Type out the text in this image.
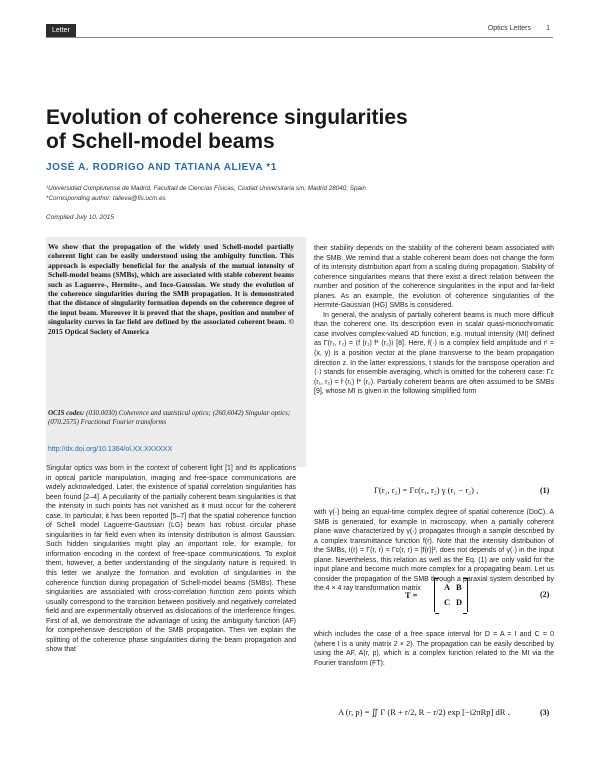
Letter	Optics Letters 1
Evolution of coherence singularities
of Schell-model beams
JOSÉ A. RODRIGO AND TATIANA ALIEVA *1
¹Universidad Complutense de Madrid, Facultad de Ciencias Físicas, Ciudad Universitaria s/n, Madrid 28040, Spain
*Corresponding author: talieva@fis.ucm.es
Compiled July 10, 2015
We show that the propagation of the widely used Schell-model partially coherent light can be easily understood using the ambiguity function. This approach is especially beneficial for the analysis of the mutual intensity of Schell-model beams (SMBs), which are associated with stable coherent beams such as Laguerre-, Hermite-, and Ince-Gaussian. We study the evolution of the coherence singularities during the SMB propagation. It is demonstrated that the distance of singularity formation depends on the coherence degree of the input beam. Moreover it is proved that the shape, position and number of singularity curves in far field are defined by the associated coherent beam. © 2015 Optical Society of America
OCIS codes: (030.0030) Coherence and statistical optics; (260.6042) Singular optics; (070.2575) Fractional Fourier transforms
http://dx.doi.org/10.1364/ol.XX.XXXXXX
Singular optics was born in the context of coherent light [1] and its applications in optical particle manipulation, imaging and free-space communications are widely acknowledged. Later, the existence of spatial correlation singularities has been found [2–4]. A peculiarity of the partially coherent beam singularities is that the intensity in such points has not vanished as it must occur for the coherent case. In particular, it has been reported [5–7] that the spatial coherence function of Schell model Laguerre-Gaussian (LG) beam has robust circular phase singularities in far field even when its intensity distribution is almost Gaussian. Such hidden singularities might play an important role, for example, for information encoding in the context of free-space communications. To exploit them, however, a better understanding of the singularity nature is required. In this letter we analyze the formation and evolution of singularities in the coherence function during propagation of Schell-model beams (SMBs). These singularities are associated with cross-correlation function zero points which usually correspond to the transition between positively and negatively correlated field and are experimentally observed as dislocations of the interference fringes. First of all, we demonstrate the advantage of using the ambiguity function (AF) for comprehensive description of the SMB propagation. Then we explain the splitting of the coherence phase singularities during the beam propagation and show that

their stability depends on the stability of the coherent beam associated with the SMB. We remind that a stable coherent beam does not change the form of its intensity distribution apart from a scaling during propagation. Stability of coherence singularities means that there exist a direct relation between the number and position of the coherence singularities in the input and far-field planes. As an example, the evolution of coherence singularities of the Hermite-Gaussian (HG) SMBs is considered.

In general, the analysis of partially coherent beams is much more difficult than the coherent one. Its description even in scalar quasi-monochromatic case involves complex-valued 4D function, e.g. mutual intensity (MI) defined as Γ(r₁, r₂) = ⟨f (r₁) f* (r₂)⟩ [8]. Here, f(·) is a complex field amplitude and rᵗ = (x, y) is a position vector at the plane transverse to the beam propagation direction z. In the latter expressions, t stands for the transpose operation and ⟨·⟩ stands for ensemble averaging, which is omitted for the coherent case: Γc (r₁, r₂) = f (r₁) f* (r₂). Partially coherent beams are often assumed to be SMBs [9], whose MI is given in the following simplified form

Γ(r₁, r₂) = Γc(r₁, r₂) γ (r₁ − r₂) ,	(1)

with γ(·) being an equal-time complex degree of spatial coherence (DoC). A SMB is generated, for example in microscopy, when a partially coherent plane wave characterized by γ(·) propagates through a sample described by a complex transmittance function f(r). Note that the intensity distribution of the SMBs, I(r) = Γ(r, r) = Γc(r, r) = |f(r)|², does not depends of γ(·) in the input plane. Nevertheless, this relation as well as the Eq. (1) are only valid for the input plane and become much more complex for a propagating beam. Let us consider the propagation of the SMB through a paraxial system described by the 4 × 4 ray transformation matrix

T =
A B
C D
(2)

which includes the case of a free space interval for D = A = I and C = 0 (where I is a unity matrix 2 × 2). The propagation can be easily described by using the AF, A(r, p), which is a complex function related to the MI via the Fourier transform (FT):

A (r, p) = ∬ Γ (R + r/2, R − r/2) exp [−i2πRp] dR .	(3)
